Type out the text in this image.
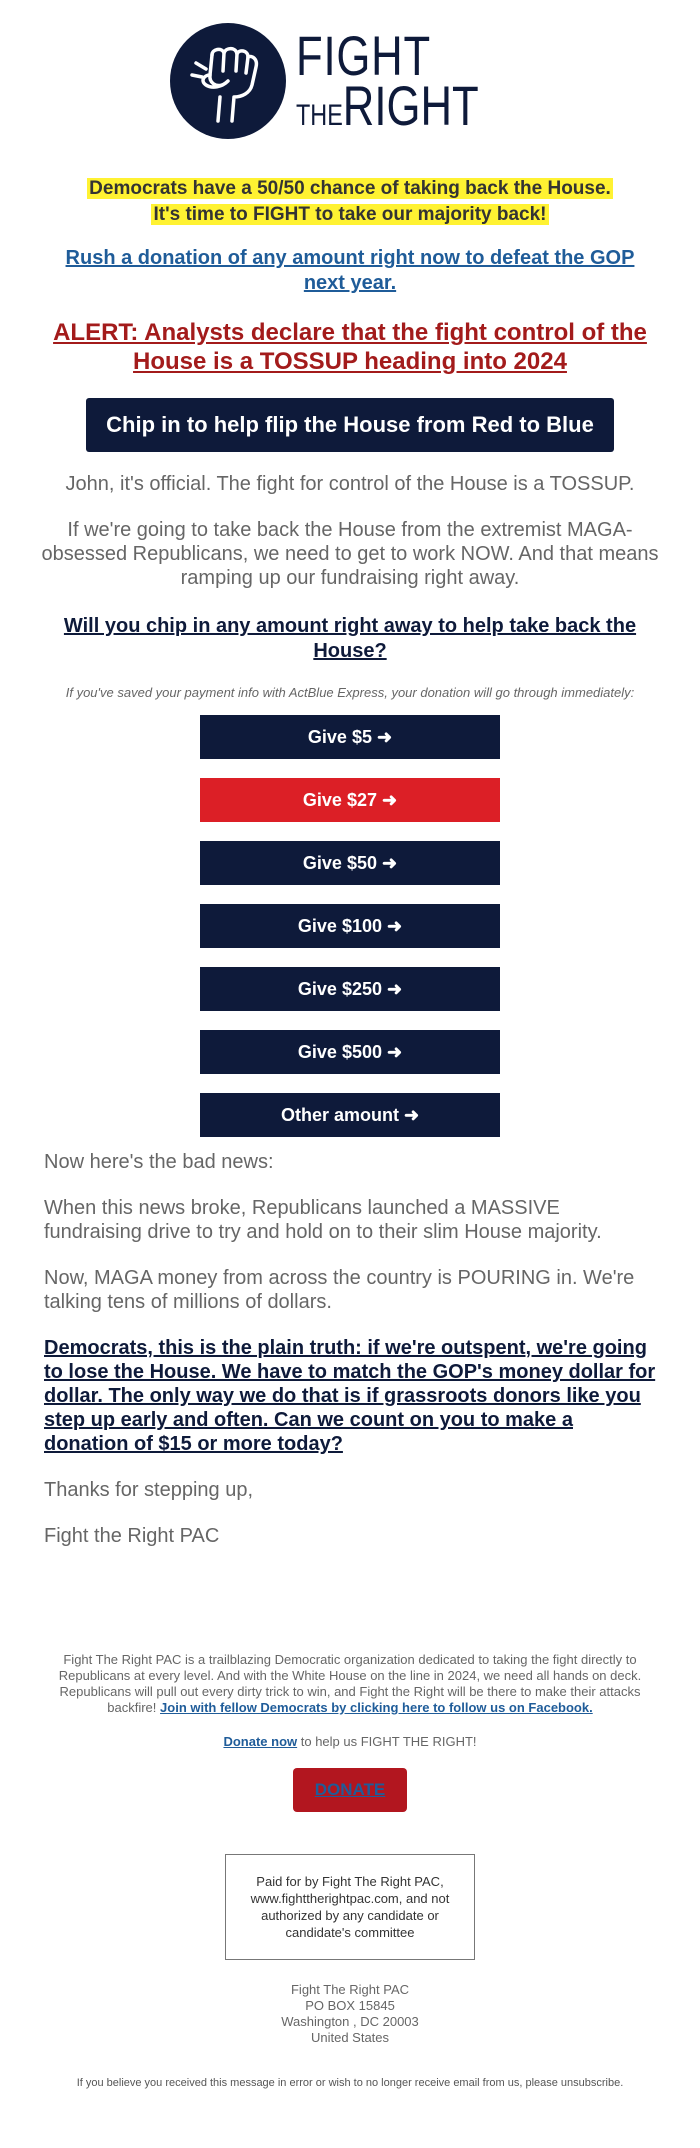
FIGHT
THERIGHT
Democrats have a 50/50 chance of taking back the House.
It's time to FIGHT to take our majority back!
Rush a donation of any amount right now to defeat the GOP next year.
ALERT: Analysts declare that the fight control of the House is a TOSSUP heading into 2024
Chip in to help flip the House from Red to Blue

John, it's official. The fight for control of the House is a TOSSUP.

If we're going to take back the House from the extremist MAGA-obsessed Republicans, we need to get to work NOW. And that means ramping up our fundraising right away.

Will you chip in any amount right away to help take back the House?

If you've saved your payment info with ActBlue Express, your donation will go through immediately:

Give $5 ➜
Give $27 ➜
Give $50 ➜
Give $100 ➜
Give $250 ➜
Give $500 ➜
Other amount ➜

Now here's the bad news:

When this news broke, Republicans launched a MASSIVE fundraising drive to try and hold on to their slim House majority.

Now, MAGA money from across the country is POURING in. We're talking tens of millions of dollars.

Democrats, this is the plain truth: if we're outspent, we're going to lose the House. We have to match the GOP's money dollar for dollar. The only way we do that is if grassroots donors like you step up early and often. Can we count on you to make a donation of $15 or more today?

Thanks for stepping up,

Fight the Right PAC

Fight The Right PAC is a trailblazing Democratic organization dedicated to taking the fight directly to Republicans at every level. And with the White House on the line in 2024, we need all hands on deck. Republicans will pull out every dirty trick to win, and Fight the Right will be there to make their attacks backfire! Join with fellow Democrats by clicking here to follow us on Facebook.

Donate now to help us FIGHT THE RIGHT!

DONATE
Paid for by Fight The Right PAC, www.fighttherightpac.com, and not authorized by any candidate or candidate's committee
Fight The Right PAC
PO BOX 15845
Washington , DC 20003
United States

If you believe you received this message in error or wish to no longer receive email from us, please unsubscribe.
